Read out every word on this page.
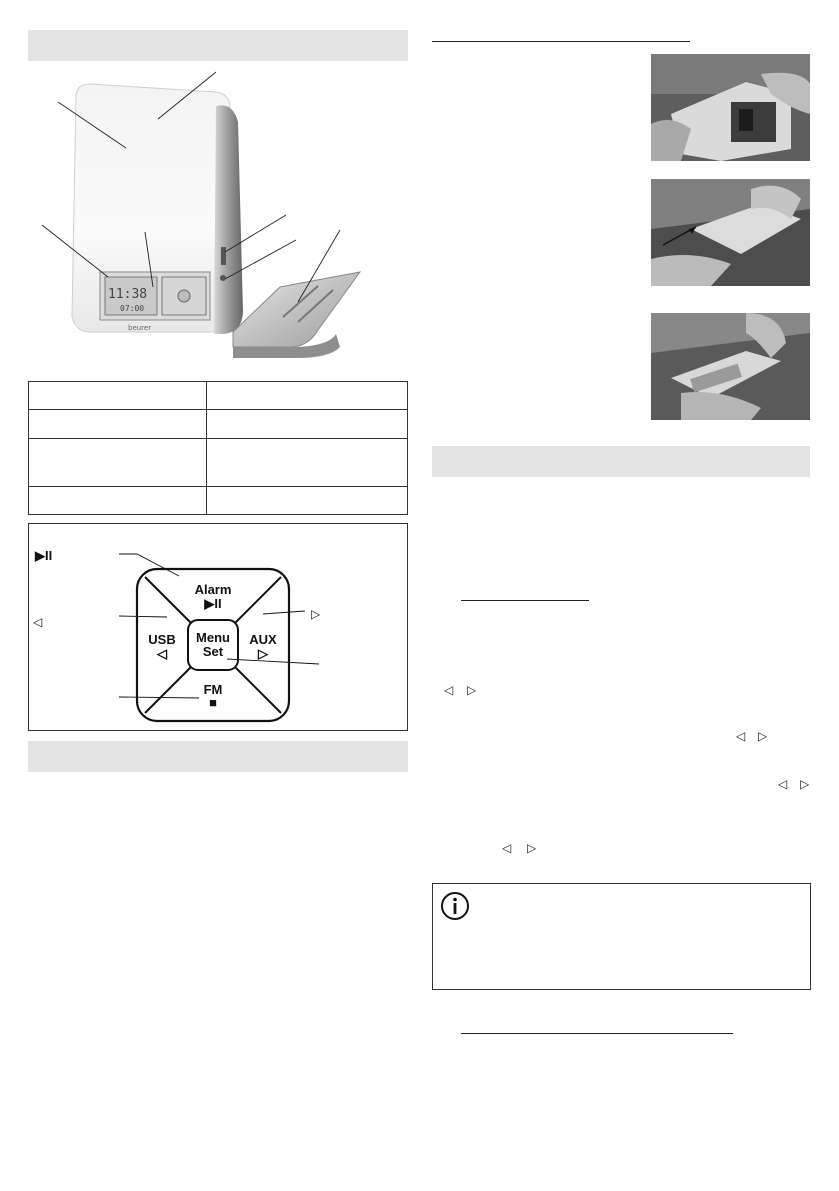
11:38
07:00
beurer

Alarm
▶II
Menu
Set
USB
◁
AUX
▷
FM
■
▶II
◁
▷
◁ ▷
◁ ▷
◁ ▷
◁ ▷
